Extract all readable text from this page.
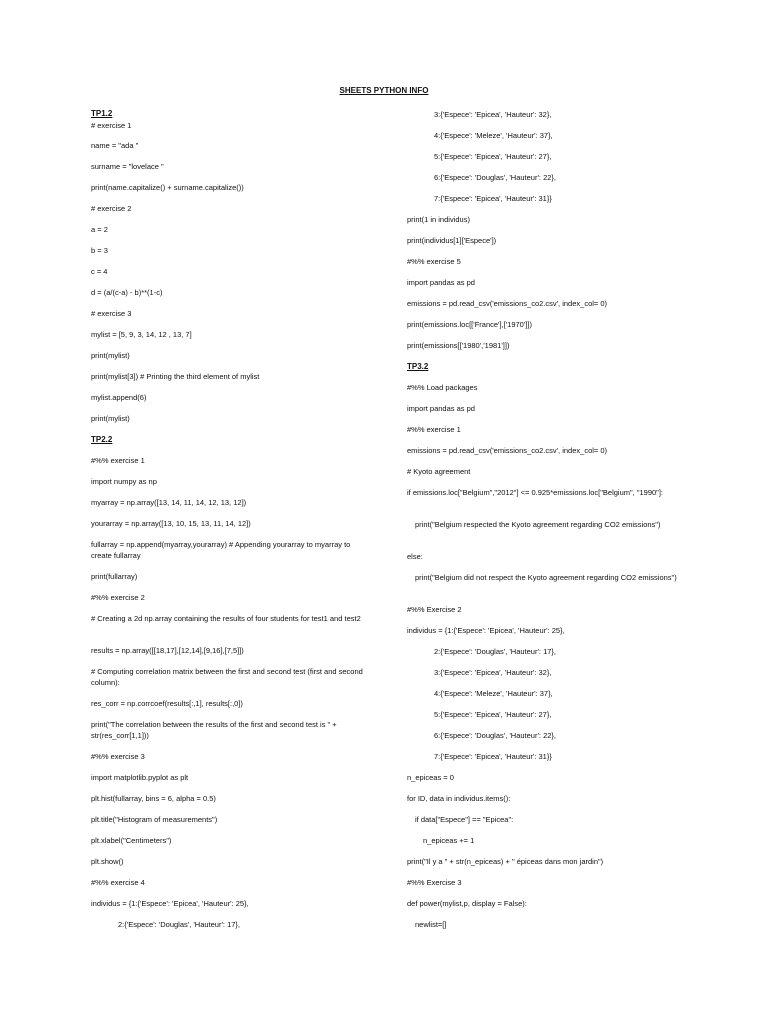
SHEETS PYTHON INFO
TP1.2
# exercise 1
name = "ada "
surname = "lovelace "
print(name.capitalize() + surname.capitalize())
# exercise 2
a = 2
b = 3
c = 4
d = (a/(c-a) - b)**(1-c)
# exercise 3
mylist = [5, 9, 3, 14, 12 , 13, 7]
print(mylist)
print(mylist[3]) # Printing the third element of mylist
mylist.append(6)
print(mylist)
TP2.2
#%% exercise 1
import numpy as np
myarray = np.array([13, 14, 11, 14, 12, 13, 12])
yourarray = np.array([13, 10, 15, 13, 11, 14, 12])
fullarray = np.append(myarray,yourarray) # Appending yourarray to myarray to create fullarray
print(fullarray)
#%% exercise 2
# Creating a 2d np.array containing the results of four students for test1 and test2
results = np.array([[18,17],[12,14],[9,16],[7,5]])
# Computing correlation matrix between the first and second test (first and second column):
res_corr = np.corrcoef(results[:,1], results[:,0])
print("The correlation between the results of the first and second test is " + str(res_corr[1,1]))
#%% exercise 3
import matplotlib.pyplot as plt
plt.hist(fullarray, bins = 6, alpha = 0.5)
plt.title("Histogram of measurements")
plt.xlabel("Centimeters")
plt.show()
#%% exercise 4
individus = {1:{'Espece': 'Epicea', 'Hauteur': 25},
2:{'Espece': 'Douglas', 'Hauteur': 17},
3:{'Espece': 'Epicea', 'Hauteur': 32},
4:{'Espece': 'Meleze', 'Hauteur': 37},
5:{'Espece': 'Epicea', 'Hauteur': 27},
6:{'Espece': 'Douglas', 'Hauteur': 22},
7:{'Espece': 'Epicea', 'Hauteur': 31}}
print(1 in individus)
print(individus[1]['Espece'])
#%% exercise 5
import pandas as pd
emissions = pd.read_csv('emissions_co2.csv', index_col= 0)
print(emissions.loc[['France'],['1970']])
print(emissions[['1980','1981']])
TP3.2
#%% Load packages
import pandas as pd
#%% exercise 1
emissions = pd.read_csv('emissions_co2.csv', index_col= 0)
# Kyoto agreement
if emissions.loc["Belgium","2012"] <= 0.925*emissions.loc["Belgium", "1990"]:
print("Belgium respected the Kyoto agreement regarding CO2 emissions")
else:
print("Belgium did not respect the Kyoto agreement regarding CO2 emissions")
#%% Exercise 2
individus = {1:{'Espece': 'Epicea', 'Hauteur': 25},
2:{'Espece': 'Douglas', 'Hauteur': 17},
3:{'Espece': 'Epicea', 'Hauteur': 32},
4:{'Espece': 'Meleze', 'Hauteur': 37},
5:{'Espece': 'Epicea', 'Hauteur': 27},
6:{'Espece': 'Douglas', 'Hauteur': 22},
7:{'Espece': 'Epicea', 'Hauteur': 31}}
n_epiceas = 0
for ID, data in individus.items():
if data["Espece"] == "Epicea":
n_epiceas += 1
print("Il y a " + str(n_epiceas) + " épiceas dans mon jardin")
#%% Exercise 3
def power(mylist,p, display = False):
newlist=[]
